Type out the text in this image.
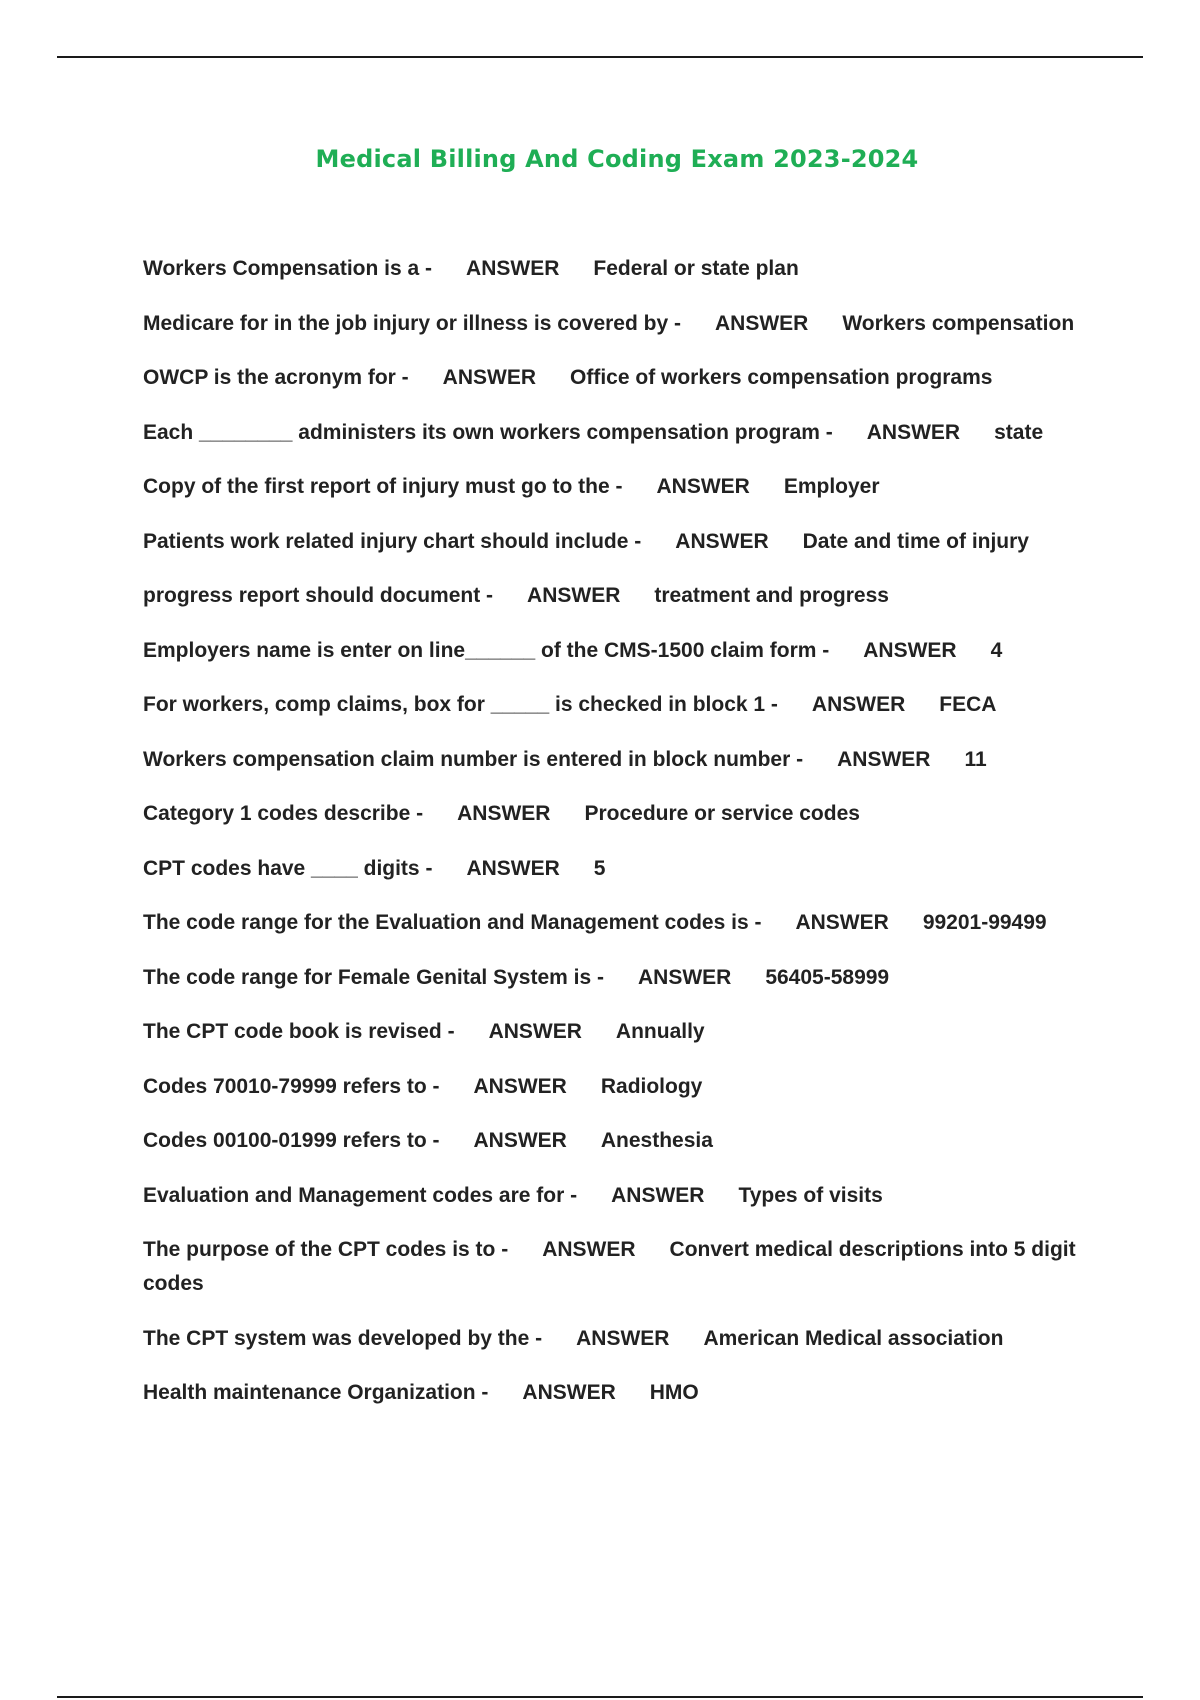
Medical Billing And Coding Exam 2023-2024
Workers Compensation is a - ANSWER Federal or state plan
Medicare for in the job injury or illness is covered by - ANSWER Workers compensation
OWCP is the acronym for - ANSWER Office of workers compensation programs
Each ________ administers its own workers compensation program - ANSWER state
Copy of the first report of injury must go to the - ANSWER Employer
Patients work related injury chart should include - ANSWER Date and time of injury
progress report should document - ANSWER treatment and progress
Employers name is enter on line______ of the CMS-1500 claim form - ANSWER 4
For workers, comp claims, box for _____ is checked in block 1 - ANSWER FECA
Workers compensation claim number is entered in block number - ANSWER 11
Category 1 codes describe - ANSWER Procedure or service codes
CPT codes have ____ digits - ANSWER 5
The code range for the Evaluation and Management codes is - ANSWER 99201-99499
The code range for Female Genital System is - ANSWER 56405-58999
The CPT code book is revised - ANSWER Annually
Codes 70010-79999 refers to - ANSWER Radiology
Codes 00100-01999 refers to - ANSWER Anesthesia
Evaluation and Management codes are for - ANSWER Types of visits
The purpose of the CPT codes is to - ANSWER Convert medical descriptions into 5 digit codes
The CPT system was developed by the - ANSWER American Medical association
Health maintenance Organization - ANSWER HMO
